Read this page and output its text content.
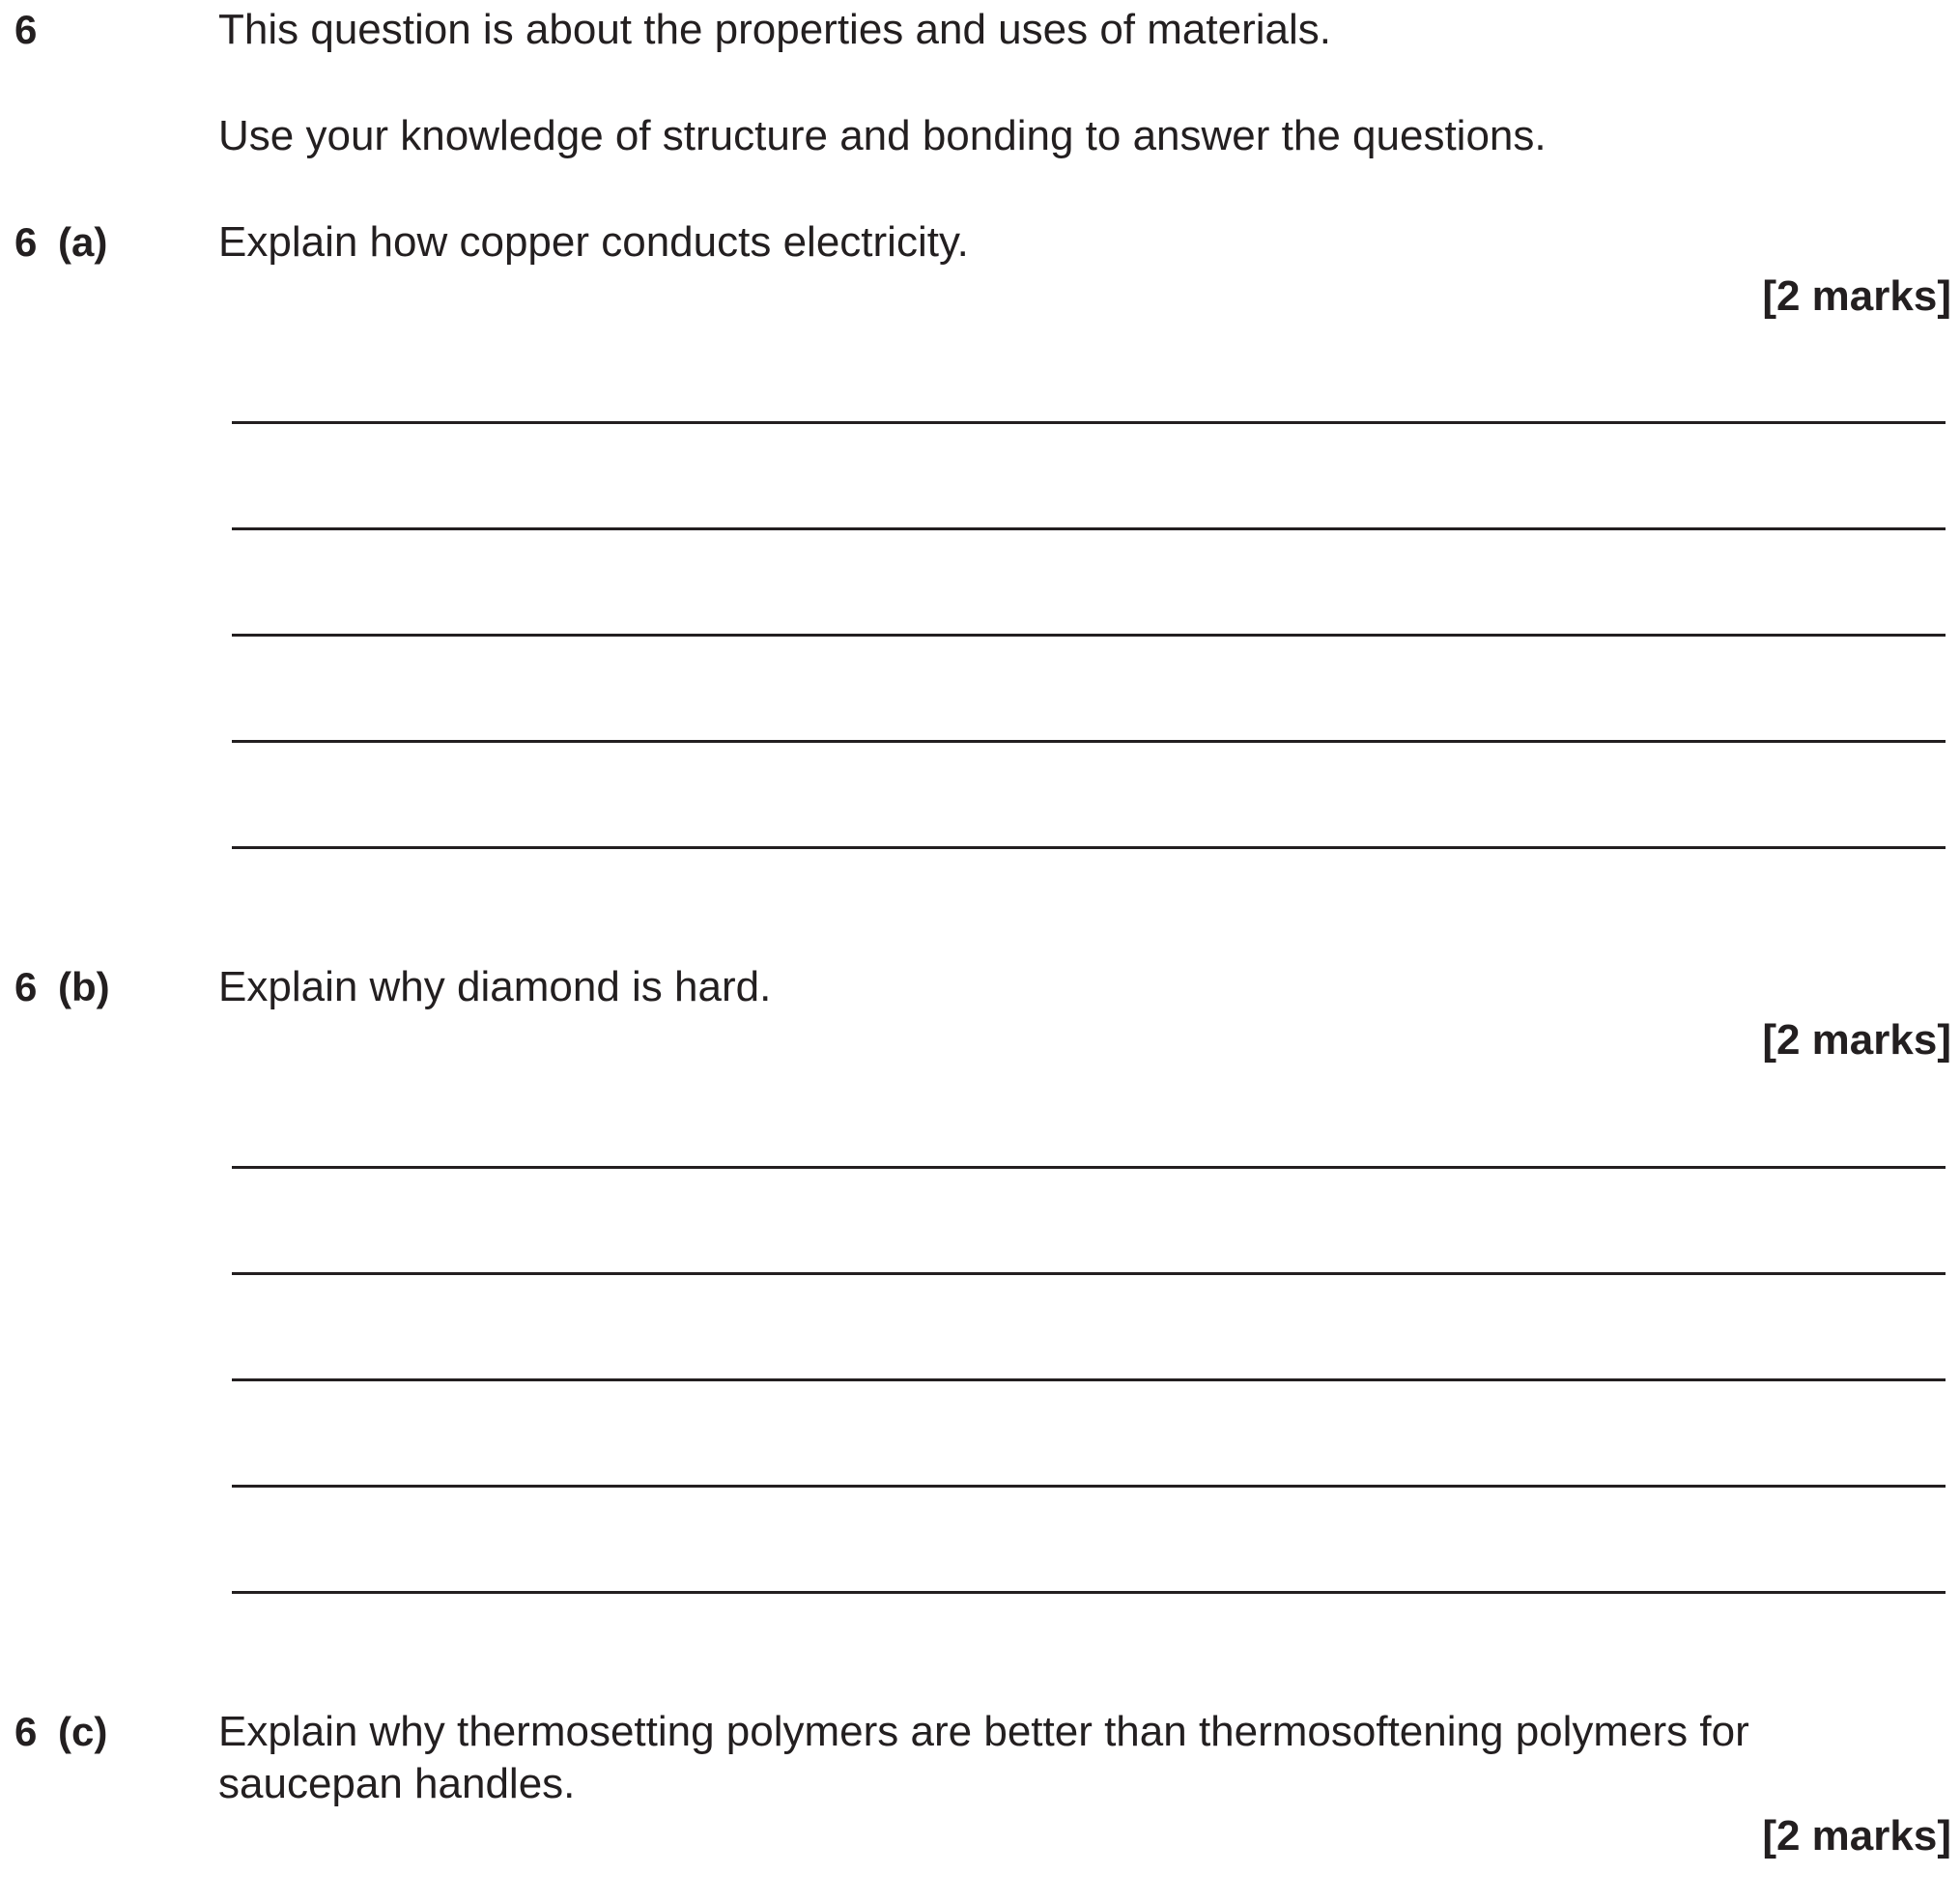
6	This question is about the properties and uses of materials.
Use your knowledge of structure and bonding to answer the questions.
6 (a)	Explain how copper conducts electricity.
[2 marks]
6 (b)	Explain why diamond is hard.
[2 marks]
6 (c)	Explain why thermosetting polymers are better than thermosoftening polymers for
saucepan handles.
[2 marks]
